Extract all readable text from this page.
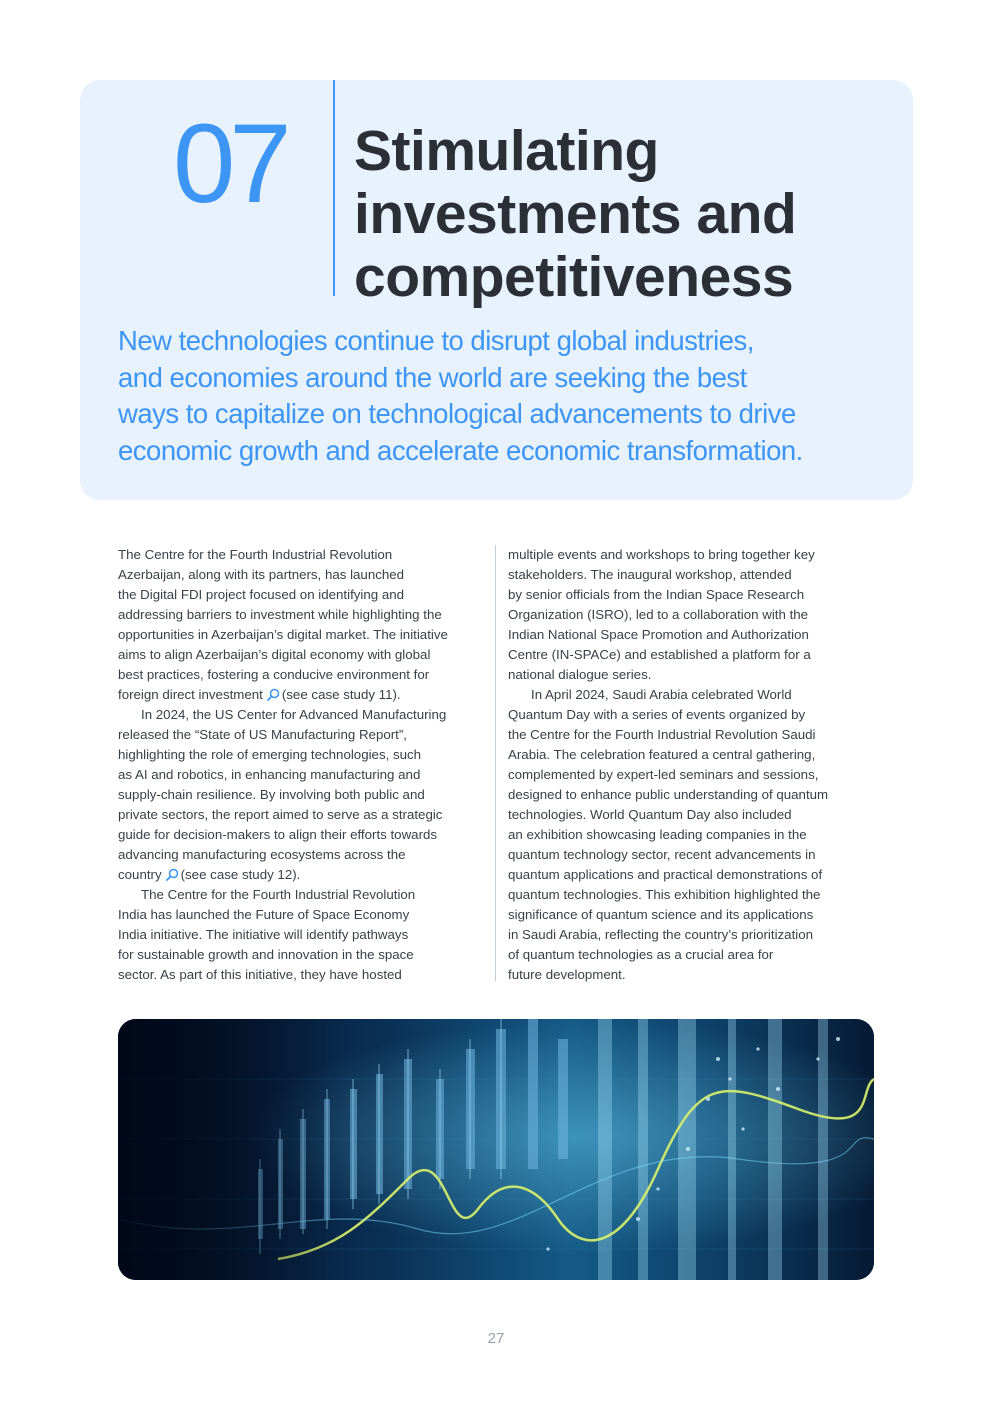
07 Stimulating
investments and
competitiveness

New technologies continue to disrupt global industries,
and economies around the world are seeking the best
ways to capitalize on technological advancements to drive
economic growth and accelerate economic transformation.

The Centre for the Fourth Industrial Revolution
Azerbaijan, along with its partners, has launched
the Digital FDI project focused on identifying and
addressing barriers to investment while highlighting the
opportunities in Azerbaijan’s digital market. The initiative
aims to align Azerbaijan’s digital economy with global
best practices, fostering a conducive environment for
foreign direct investment (see case study 11).
In 2024, the US Center for Advanced Manufacturing
released the “State of US Manufacturing Report”,
highlighting the role of emerging technologies, such
as AI and robotics, in enhancing manufacturing and
supply-chain resilience. By involving both public and
private sectors, the report aimed to serve as a strategic
guide for decision-makers to align their efforts towards
advancing manufacturing ecosystems across the
country (see case study 12).
The Centre for the Fourth Industrial Revolution
India has launched the Future of Space Economy
India initiative. The initiative will identify pathways
for sustainable growth and innovation in the space
sector. As part of this initiative, they have hosted
multiple events and workshops to bring together key
stakeholders. The inaugural workshop, attended
by senior officials from the Indian Space Research
Organization (ISRO), led to a collaboration with the
Indian National Space Promotion and Authorization
Centre (IN-SPACe) and established a platform for a
national dialogue series.
In April 2024, Saudi Arabia celebrated World
Quantum Day with a series of events organized by
the Centre for the Fourth Industrial Revolution Saudi
Arabia. The celebration featured a central gathering,
complemented by expert-led seminars and sessions,
designed to enhance public understanding of quantum
technologies. World Quantum Day also included
an exhibition showcasing leading companies in the
quantum technology sector, recent advancements in
quantum applications and practical demonstrations of
quantum technologies. This exhibition highlighted the
significance of quantum science and its applications
in Saudi Arabia, reflecting the country’s prioritization
of quantum technologies as a crucial area for
future development.
27
